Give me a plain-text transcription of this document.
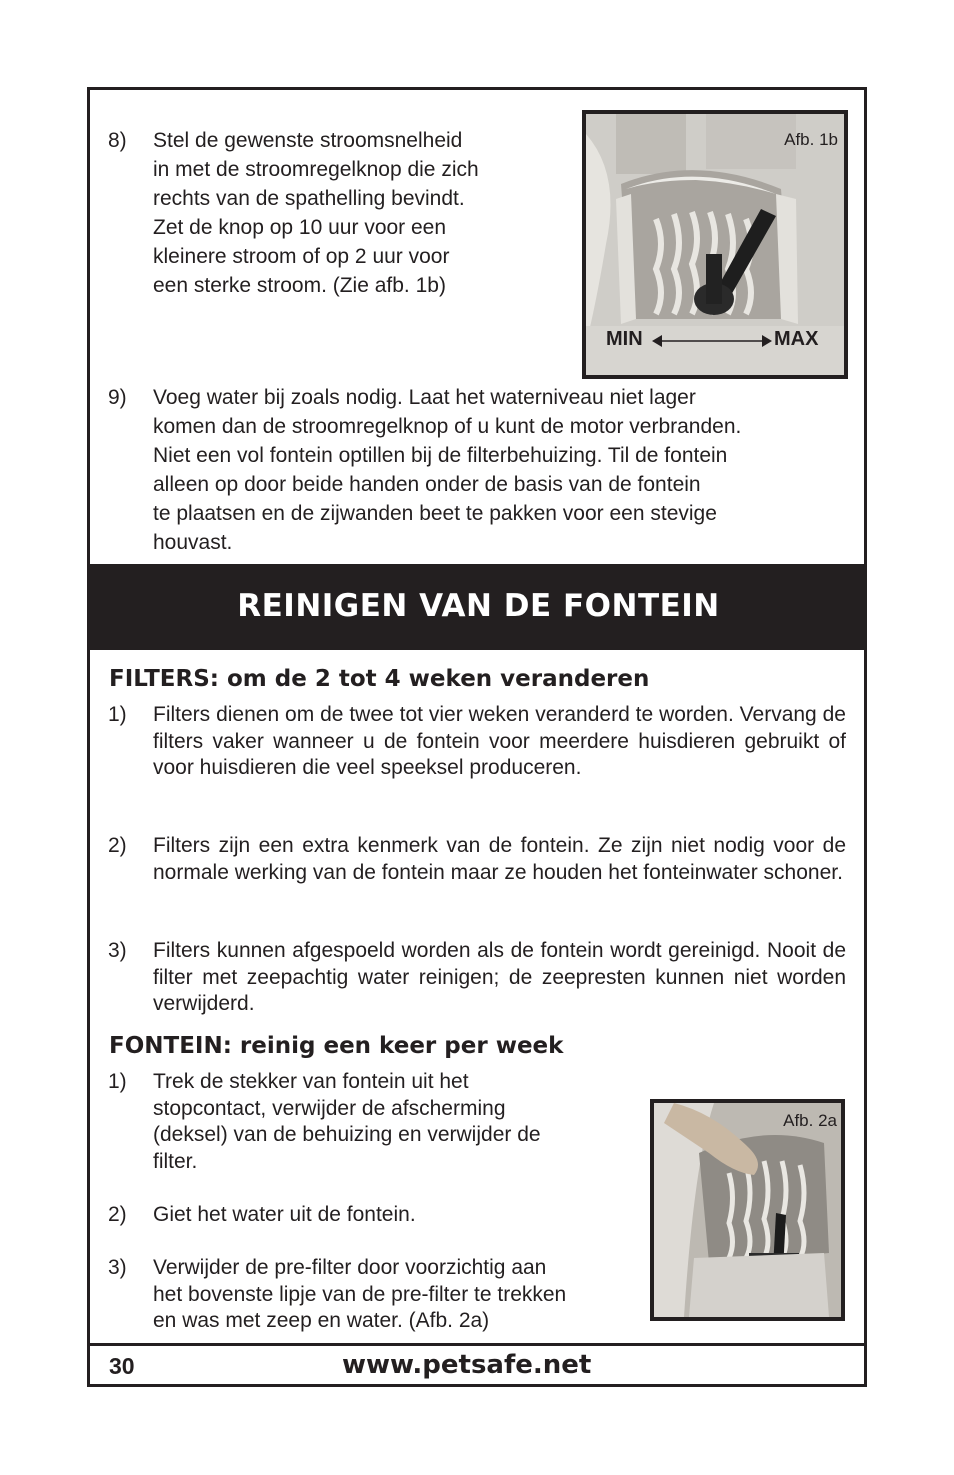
8) Stel de gewenste stroomsnelheid
in met de stroomregelknop die zich
rechts van de spathelling bevindt.
Zet de knop op 10 uur voor een
kleinere stroom of op 2 uur voor
een sterke stroom. (Zie afb. 1b)
Afb. 1b
MIN	MAX
9) Voeg water bij zoals nodig. Laat het waterniveau niet lager
komen dan de stroomregelknop of u kunt de motor verbranden.
Niet een vol fontein optillen bij de filterbehuizing. Til de fontein
alleen op door beide handen onder de basis van de fontein
te plaatsen en de zijwanden beet te pakken voor een stevige
houvast.
REINIGEN VAN DE FONTEIN
FILTERS: om de 2 tot 4 weken veranderen
1) Filters dienen om de twee tot vier weken veranderd te worden. Vervang de filters vaker wanneer u de fontein voor meerdere huisdieren gebruikt of voor huisdieren die veel speeksel produceren.
2) Filters zijn een extra kenmerk van de fontein. Ze zijn niet nodig voor de normale werking van de fontein maar ze houden het fonteinwater schoner.
3) Filters kunnen afgespoeld worden als de fontein wordt gereinigd. Nooit de filter met zeepachtig water reinigen; de zeepresten kunnen niet worden verwijderd.
FONTEIN: reinig een keer per week
1) Trek de stekker van fontein uit het
stopcontact, verwijder de afscherming
(deksel) van de behuizing en verwijder de
filter.
2) Giet het water uit de fontein.
3) Verwijder de pre-filter door voorzichtig aan
het bovenste lipje van de pre-filter te trekken
en was met zeep en water. (Afb. 2a)
Afb. 2a
30	www.petsafe.net
